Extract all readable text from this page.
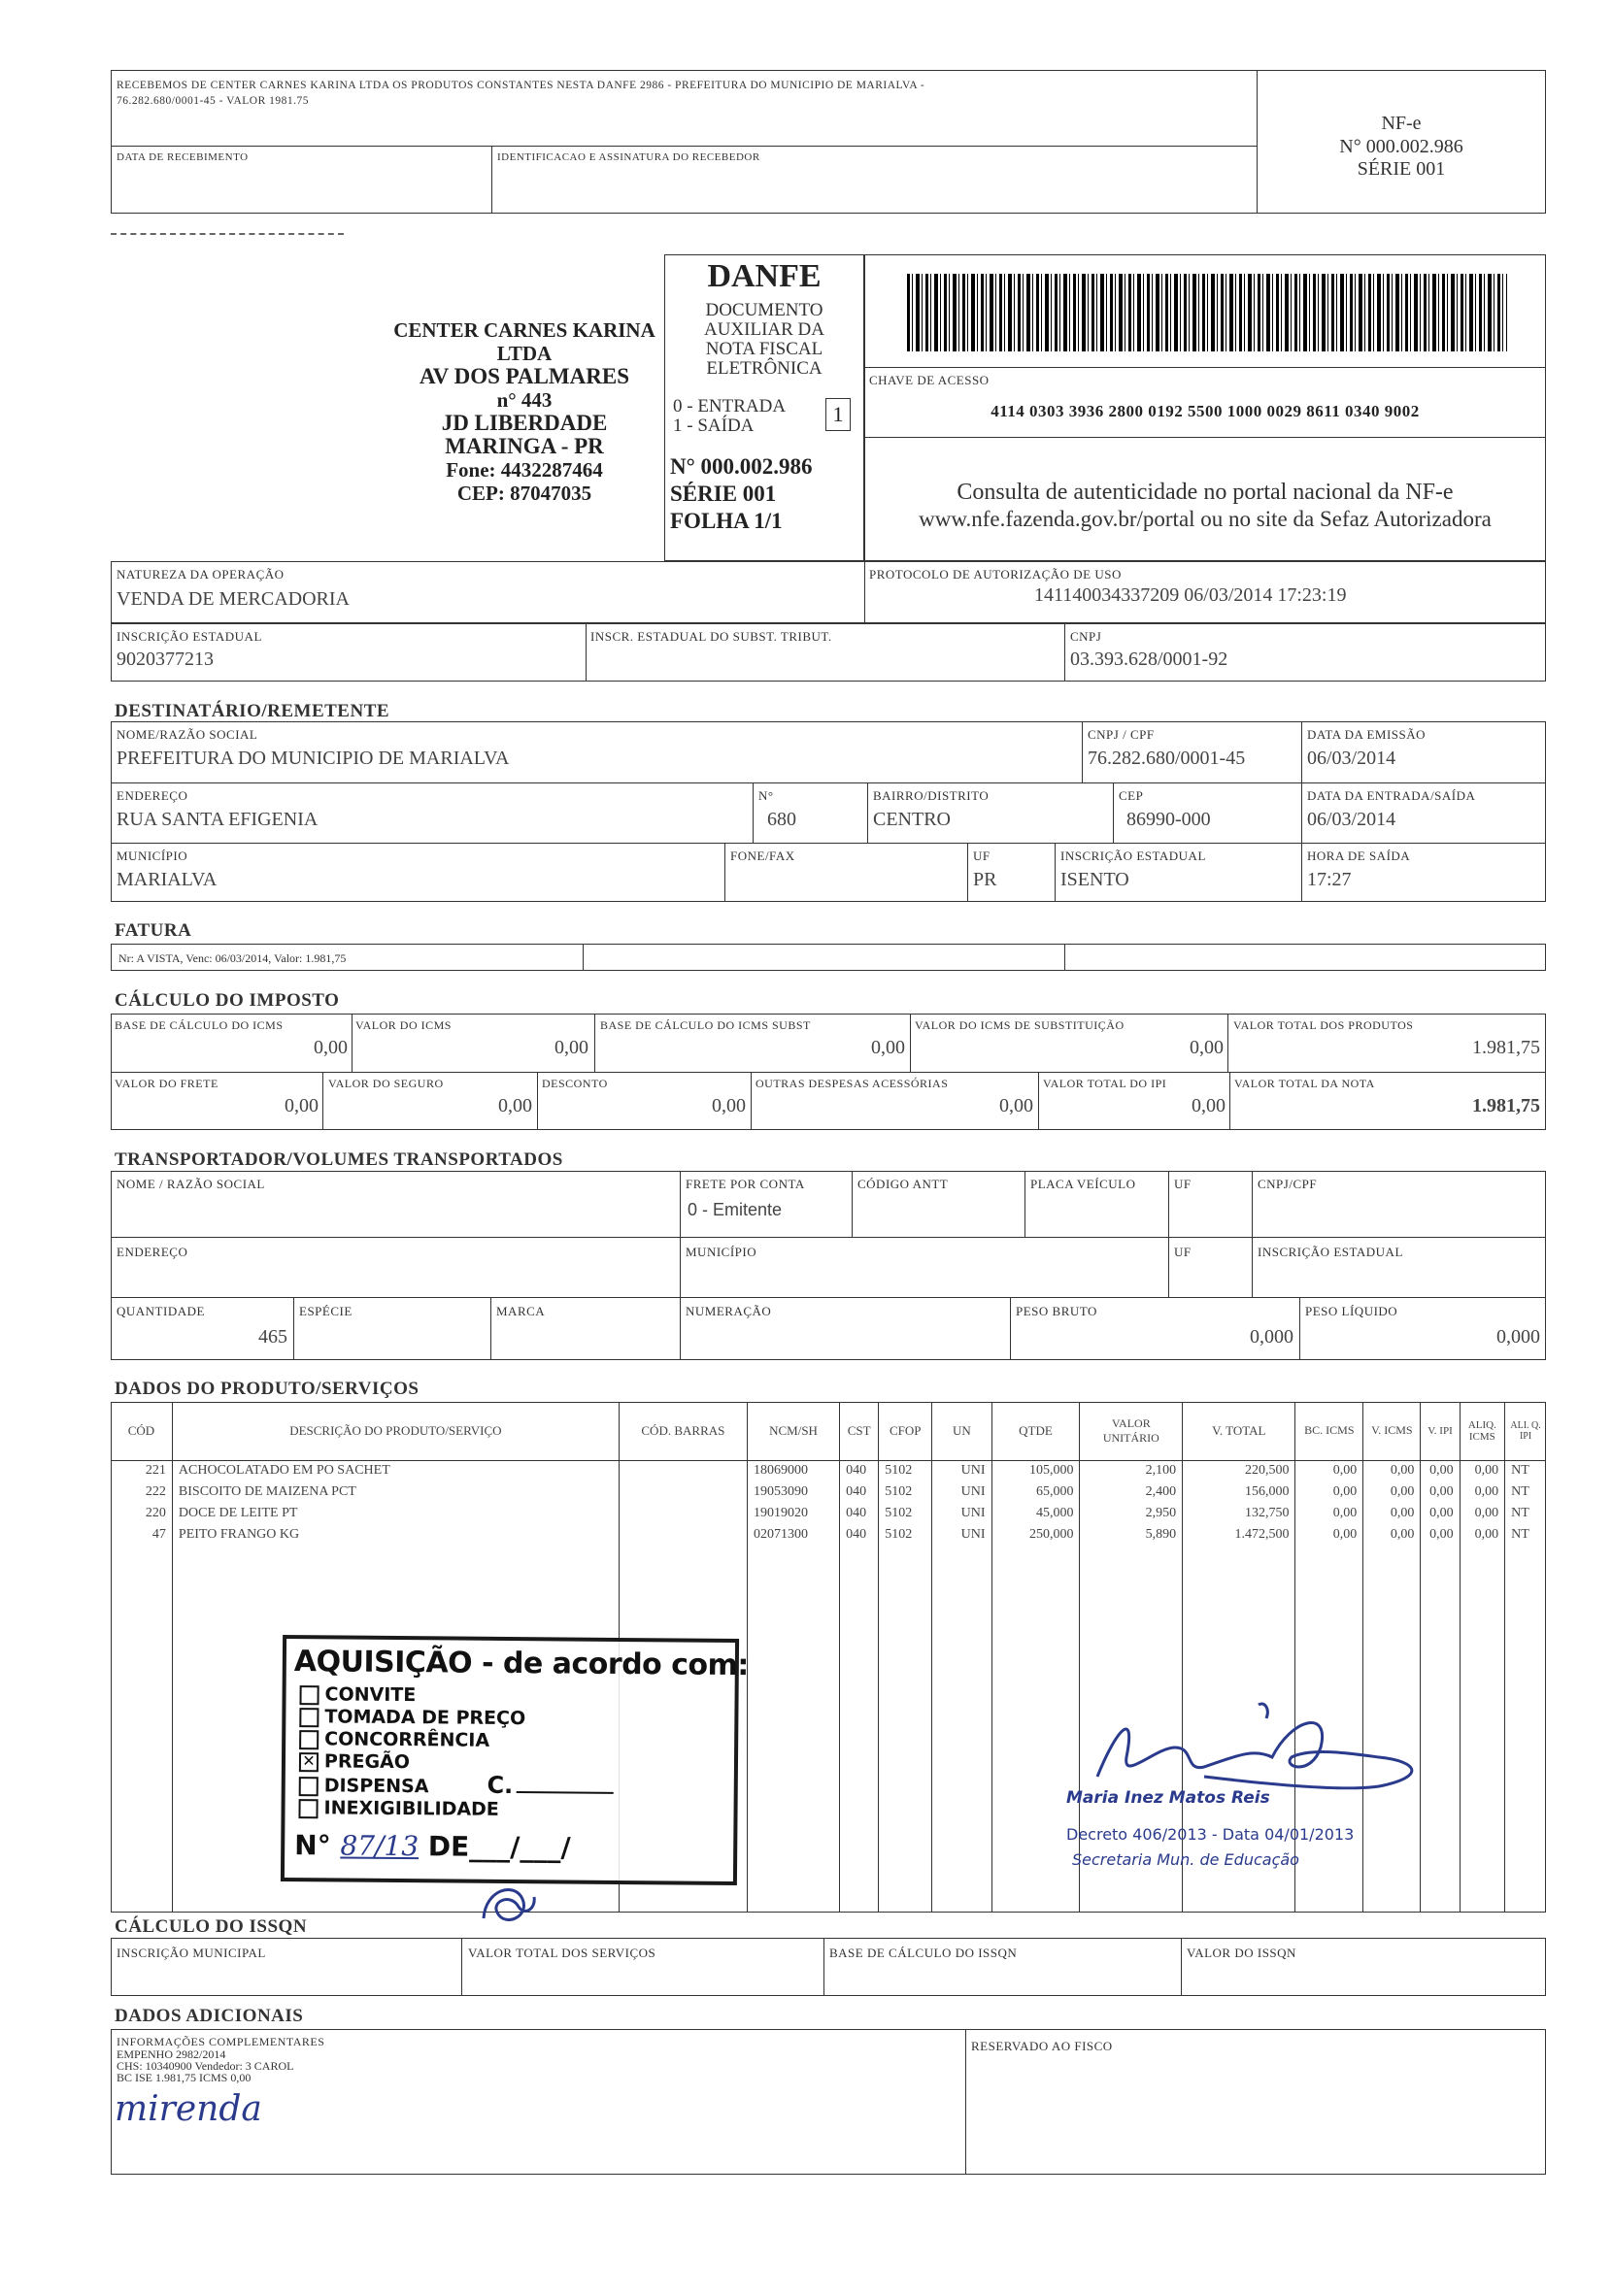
RECEBEMOS DE CENTER CARNES KARINA LTDA OS PRODUTOS CONSTANTES NESTA DANFE 2986 - PREFEITURA DO MUNICIPIO DE MARIALVA -
76.282.680/0001-45 - VALOR 1981.75
DATA DE RECEBIMENTO	IDENTIFICACAO E ASSINATURA DO RECEBEDOR
NF-e
N° 000.002.986
SÉRIE 001
CENTER CARNES KARINA
LTDA
AV DOS PALMARES
n° 443
JD LIBERDADE
MARINGA - PR
Fone: 4432287464
CEP: 87047035
DANFE
DOCUMENTO
AUXILIAR DA
NOTA FISCAL
ELETRÔNICA
0 - ENTRADA
1 - SAÍDA	1
N° 000.002.986
SÉRIE 001
FOLHA 1/1
CHAVE DE ACESSO
4114 0303 3936 2800 0192 5500 1000 0029 8611 0340 9002
Consulta de autenticidade no portal nacional da NF-e
www.nfe.fazenda.gov.br/portal ou no site da Sefaz Autorizadora
NATUREZA DA OPERAÇÃO
VENDA DE MERCADORIA
PROTOCOLO DE AUTORIZAÇÃO DE USO
141140034337209 06/03/2014 17:23:19
INSCRIÇÃO ESTADUAL
9020377213
INSCR. ESTADUAL DO SUBST. TRIBUT.	CNPJ
03.393.628/0001-92
DESTINATÁRIO/REMETENTE
NOME/RAZÃO SOCIAL
PREFEITURA DO MUNICIPIO DE MARIALVA
CNPJ / CPF
76.282.680/0001-45
DATA DA EMISSÃO
06/03/2014
ENDEREÇO
RUA SANTA EFIGENIA
N°
680
BAIRRO/DISTRITO
CENTRO
CEP
86990-000
DATA DA ENTRADA/SAÍDA
06/03/2014
MUNICÍPIO
MARIALVA
FONE/FAX	UF
PR
INSCRIÇÃO ESTADUAL
ISENTO
HORA DE SAÍDA
17:27
FATURA
Nr: A VISTA, Venc: 06/03/2014, Valor: 1.981,75
CÁLCULO DO IMPOSTO
BASE DE CÁLCULO DO ICMS
0,00
VALOR DO ICMS
0,00
BASE DE CÁLCULO DO ICMS SUBST
0,00
VALOR DO ICMS DE SUBSTITUIÇÃO
0,00
VALOR TOTAL DOS PRODUTOS
1.981,75
VALOR DO FRETE
0,00
VALOR DO SEGURO
0,00
DESCONTO
0,00
OUTRAS DESPESAS ACESSÓRIAS
0,00
VALOR TOTAL DO IPI
0,00
VALOR TOTAL DA NOTA
1.981,75
TRANSPORTADOR/VOLUMES TRANSPORTADOS
NOME / RAZÃO SOCIAL	FRETE POR CONTA
0 - Emitente
CÓDIGO ANTT	PLACA VEÍCULO	UF	CNPJ/CPF
ENDEREÇO	MUNICÍPIO	UF	INSCRIÇÃO ESTADUAL
QUANTIDADE
465
ESPÉCIE	MARCA	NUMERAÇÃO	PESO BRUTO
0,000
PESO LÍQUIDO
0,000
DADOS DO PRODUTO/SERVIÇOS
CÓD	DESCRIÇÃO DO PRODUTO/SERVIÇO	CÓD. BARRAS	NCM/SH	CST	CFOP	UN	QTDE	VALOR UNITÁRIO	V. TOTAL	BC. ICMS	V. ICMS	V. IPI	ALIQ. ICMS	ALI. Q. IPI
221	ACHOCOLATADO EM PO SACHET		18069000	040	5102	UNI	105,000	2,100	220,500	0,00	0,00	0,00	0,00	NT
222	BISCOITO DE MAIZENA PCT		19053090	040	5102	UNI	65,000	2,400	156,000	0,00	0,00	0,00	0,00	NT
220	DOCE DE LEITE PT		19019020	040	5102	UNI	45,000	2,950	132,750	0,00	0,00	0,00	0,00	NT
47	PEITO FRANGO KG		02071300	040	5102	UNI	250,000	5,890	1.472,500	0,00	0,00	0,00	0,00	NT

AQUISIÇÃO - de acordo com:
CONVITE
TOMADA DE PREÇO
CONCORRÊNCIA
✕ PREGÃO
DISPENSA C.
INEXIGIBILIDADE
N° 87/13 DE___/___/
Maria Inez Matos Reis
Decreto 406/2013 - Data 04/01/2013
Secretaria Mun. de Educação
CÁLCULO DO ISSQN
INSCRIÇÃO MUNICIPAL	VALOR TOTAL DOS SERVIÇOS	BASE DE CÁLCULO DO ISSQN	VALOR DO ISSQN
DADOS ADICIONAIS
INFORMAÇÕES COMPLEMENTARES
EMPENHO 2982/2014
CHS: 10340900 Vendedor: 3 CAROL
BC ISE 1.981,75 ICMS 0,00
mirenda
RESERVADO AO FISCO
